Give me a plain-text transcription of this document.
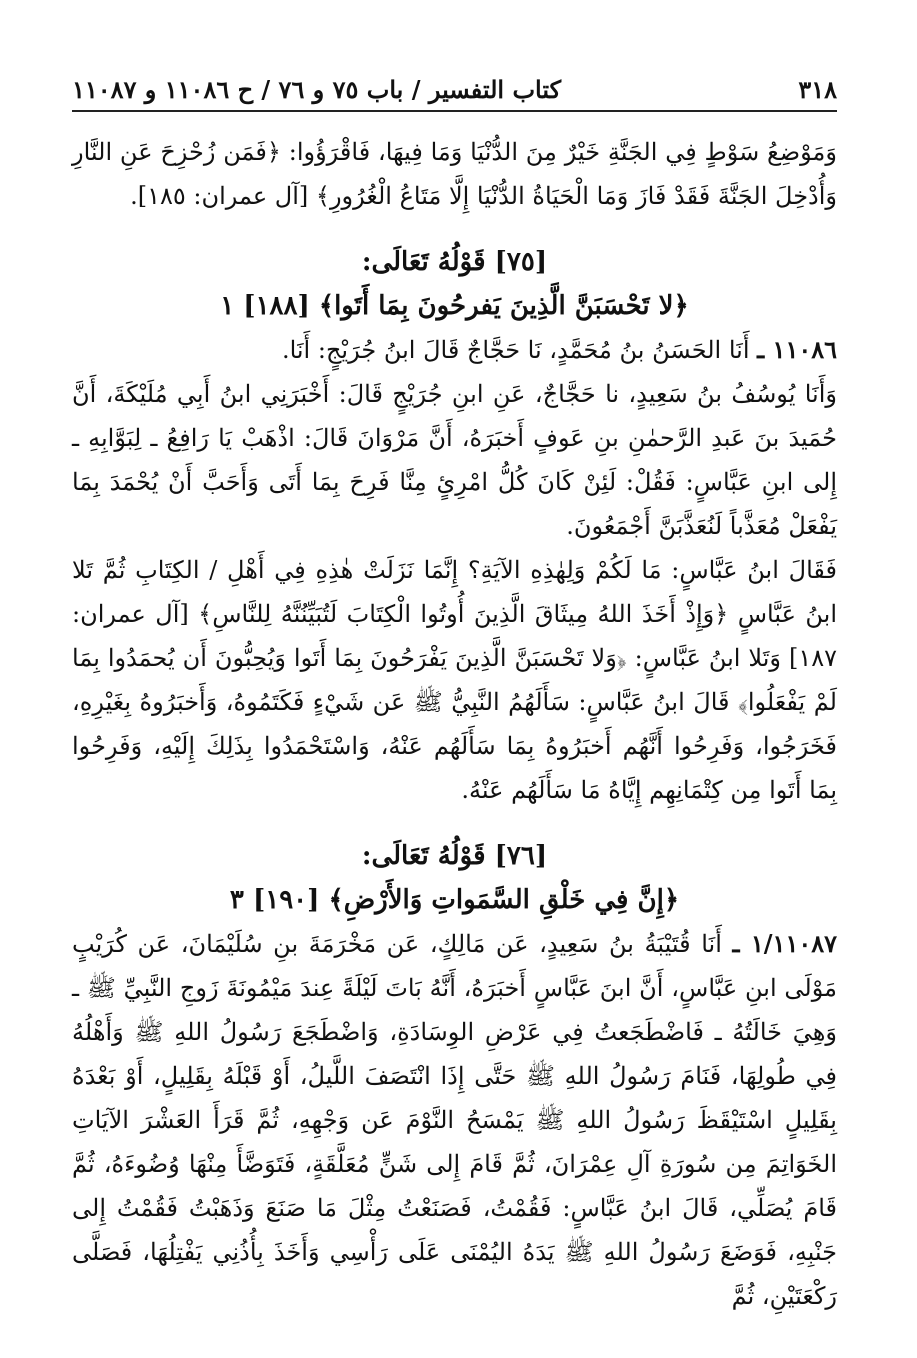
٣١٨
كتاب التفسير / باب ٧٥ و ٧٦ / ح ١١٠٨٦ و ١١٠٨٧

وَمَوْضِعُ سَوْطٍ فِي الجَنَّةِ خَيْرٌ مِنَ الدُّنْيَا وَمَا فِيهَا، فَاقْرَؤُوا: ﴿فَمَن زُحْزِحَ عَنِ النَّارِ وَأُدْخِلَ الجَنَّةَ فَقَدْ فَازَ وَمَا الْحَيَاةُ الدُّنْيَا إِلَّا مَتَاعُ الْغُرُورِ﴾ [آل عمران: ١٨٥].

[٧٥] قَوْلُهُ تَعَالَى:

﴿لا تَحْسَبَنَّ الَّذِينَ يَفرحُونَ بِمَا أَتَوا﴾ [١٨٨] ١

١١٠٨٦ ـ أَنَا الحَسَنُ بنُ مُحَمَّدٍ، نَا حَجَّاجٌ قَالَ ابنُ جُرَيْجٍ: أَنَا.

وَأَنَا يُوسُفُ بنُ سَعِيدٍ، نا حَجَّاجٌ، عَنِ ابنِ جُرَيْجٍ قَالَ: أَخْبَرَنِي ابنُ أَبِي مُلَيْكَةَ، أَنَّ حُمَيدَ بنَ عَبدِ الرَّحمٰنِ بنِ عَوفٍ أَخبَرَهُ، أَنَّ مَرْوَانَ قَالَ: اذْهَبْ يَا رَافِعُ ـ لِبَوَّابِهِ ـ إِلى ابنِ عَبَّاسٍ: فَقُلْ: لَئِنْ كَانَ كُلُّ امْرِئٍ مِنَّا فَرِحَ بِمَا أَتَى وَأَحَبَّ أَنْ يُحْمَدَ بِمَا يَفْعَلْ مُعَذَّباً لَنُعَذَّبَنَّ أَجْمَعُونَ.

فَقَالَ ابنُ عَبَّاسٍ: مَا لَكُمْ وَلِهٰذِهِ الآيَةِ؟ إِنَّمَا نَزَلَتْ هٰذِهِ فِي أَهْلِ / الكِتَابِ ثُمَّ تَلا ابنُ عَبَّاسٍ ﴿وَإِذْ أَخَذَ اللهُ مِيثَاقَ الَّذِينَ أُوتُوا الْكِتَابَ لَتُبَيِّنُنَّهُ لِلنَّاسِ﴾ [آل عمران: ١٨٧] وَتَلا ابنُ عَبَّاسٍ: ﴿وَلا تَحْسَبَنَّ الَّذِينَ يَفْرَحُونَ بِمَا أَتَوا وَيُحِبُّونَ أَن يُحمَدُوا بِمَا لَمْ يَفْعَلُوا﴾ قَالَ ابنُ عَبَّاسٍ: سَأَلَهُمُ النَّبِيُّ ﷺ عَن شَيْءٍ فَكَتَمُوهُ، وَأَخبَرُوهُ بِغَيْرِهِ، فَخَرَجُوا، وَفَرِحُوا أَنَّهُم أَخبَرُوهُ بِمَا سَأَلَهُم عَنْهُ، وَاسْتَحْمَدُوا بِذَلِكَ إِلَيْهِ، وَفَرِحُوا بِمَا أَتَوا مِن كِتْمَانِهِم إِيَّاهُ مَا سَأَلَهُم عَنْهُ.

[٧٦] قَوْلُهُ تَعَالَى:

﴿إِنَّ فِي خَلْقِ السَّمَواتِ وَالأَرْضِ﴾ [١٩٠] ٣

١/١١٠٨٧ ـ أَنَا قُتَيْبَةُ بنُ سَعِيدٍ، عَن مَالِكٍ، عَن مَخْرَمَةَ بنِ سُلَيْمَانَ، عَن كُرَيْبٍ مَوْلَى ابنِ عَبَّاسٍ، أَنَّ ابنَ عَبَّاسٍ أَخبَرَهُ، أَنَّهُ بَاتَ لَيْلَةً عِندَ مَيْمُونَةَ زَوجِ النَّبِيِّ ﷺ ـ وَهِيَ خَالَتُهُ ـ فَاضْطَجَعتُ فِي عَرْضِ الوِسَادَةِ، وَاضْطَجَعَ رَسُولُ اللهِ ﷺ وَأَهْلُهُ فِي طُولِهَا، فَنَامَ رَسُولُ اللهِ ﷺ حَتَّى إِذَا انْتَصَفَ اللَّيلُ، أَوْ قَبْلَهُ بِقَلِيلٍ، أَوْ بَعْدَهُ بِقَلِيلٍ اسْتَيْقَظَ رَسُولُ اللهِ ﷺ يَمْسَحُ النَّوْمَ عَن وَجْهِهِ، ثُمَّ قَرَأَ العَشْرَ الآيَاتِ الخَوَاتِمَ مِن سُورَةِ آلِ عِمْرَانَ، ثُمَّ قَامَ إِلى شَنٍّ مُعَلَّقَةٍ، فَتَوَضَّأَ مِنْهَا وُضُوءَهُ، ثُمَّ قَامَ يُصَلِّي، قَالَ ابنُ عَبَّاسٍ: فَقُمْتُ، فَصَنَعْتُ مِثْلَ مَا صَنَعَ وَذَهَبْتُ فَقُمْتُ إِلى جَنْبِهِ، فَوَضَعَ رَسُولُ اللهِ ﷺ يَدَهُ اليُمْنَى عَلَى رَأْسِي وَأَخَذَ بِأُذُنِي يَفْتِلُهَا، فَصَلَّى رَكْعَتَيْنِ، ثُمَّ
